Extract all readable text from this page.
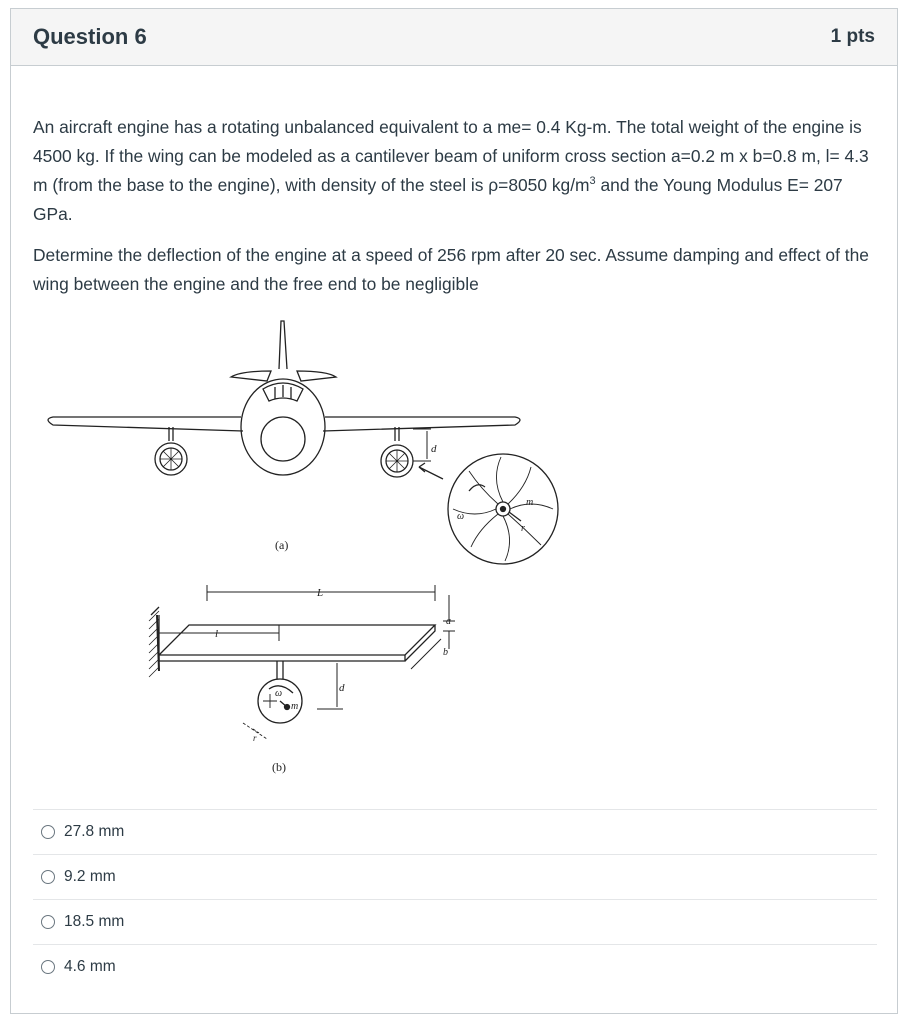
Question 6	1 pts

An aircraft engine has a rotating unbalanced equivalent to a me= 0.4 Kg-m. The total weight of the engine is 4500 kg. If the wing can be modeled as a cantilever beam of uniform cross section a=0.2 m x b=0.8 m, l= 4.3 m (from the base to the engine), with density of the steel is ρ=8050 $kg/m^3$ and the Young Modulus E= 207 GPa.

Determine the deflection of the engine at a speed of 256 rpm after 20 sec. Assume damping and effect of the wing between the engine and the free end to be negligible

(a)
(b)
d
m
ω
r
L
l
a
b
ω
m
d
r
27.8 mm
9.2 mm
18.5 mm
4.6 mm
